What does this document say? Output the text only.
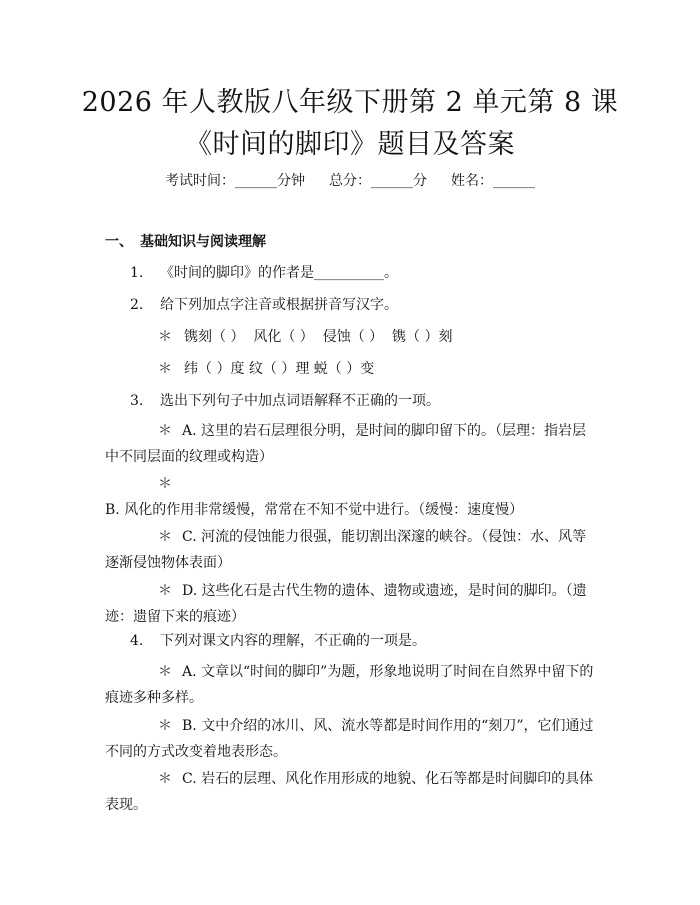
2026 年人教版八年级下册第 2 单元第 8 课
《时间的脚印》题目及答案
考试时间：______分钟 总分：______分 姓名：______
一、　基础知识与阅读理解
1. 《时间的脚印》的作者是__________。
2. 给下列加点字注音或根据拼音写汉字。
＊ 镌刻（ ）  风化（ ）  侵蚀（ ）  镌（ ）刻
＊ 纬（ ）度 纹（ ）理 蜕（ ）变
3. 选出下列句子中加点词语解释不正确的一项。
＊ A. 这里的岩石层理很分明，是时间的脚印留下的。（层理：指岩层中不同层面的纹理或构造）
＊B. 风化的作用非常缓慢，常常在不知不觉中进行。（缓慢：速度慢）
＊ C. 河流的侵蚀能力很强，能切割出深邃的峡谷。（侵蚀：水、风等逐渐侵蚀物体表面）
＊ D. 这些化石是古代生物的遗体、遗物或遗迹，是时间的脚印。（遗迹：遗留下来的痕迹）
4. 下列对课文内容的理解，不正确的一项是。
＊ A. 文章以“时间的脚印”为题，形象地说明了时间在自然界中留下的痕迹多种多样。
＊ B. 文中介绍的冰川、风、流水等都是时间作用的“刻刀”，它们通过不同的方式改变着地表形态。
＊ C. 岩石的层理、风化作用形成的地貌、化石等都是时间脚印的具体表现。
